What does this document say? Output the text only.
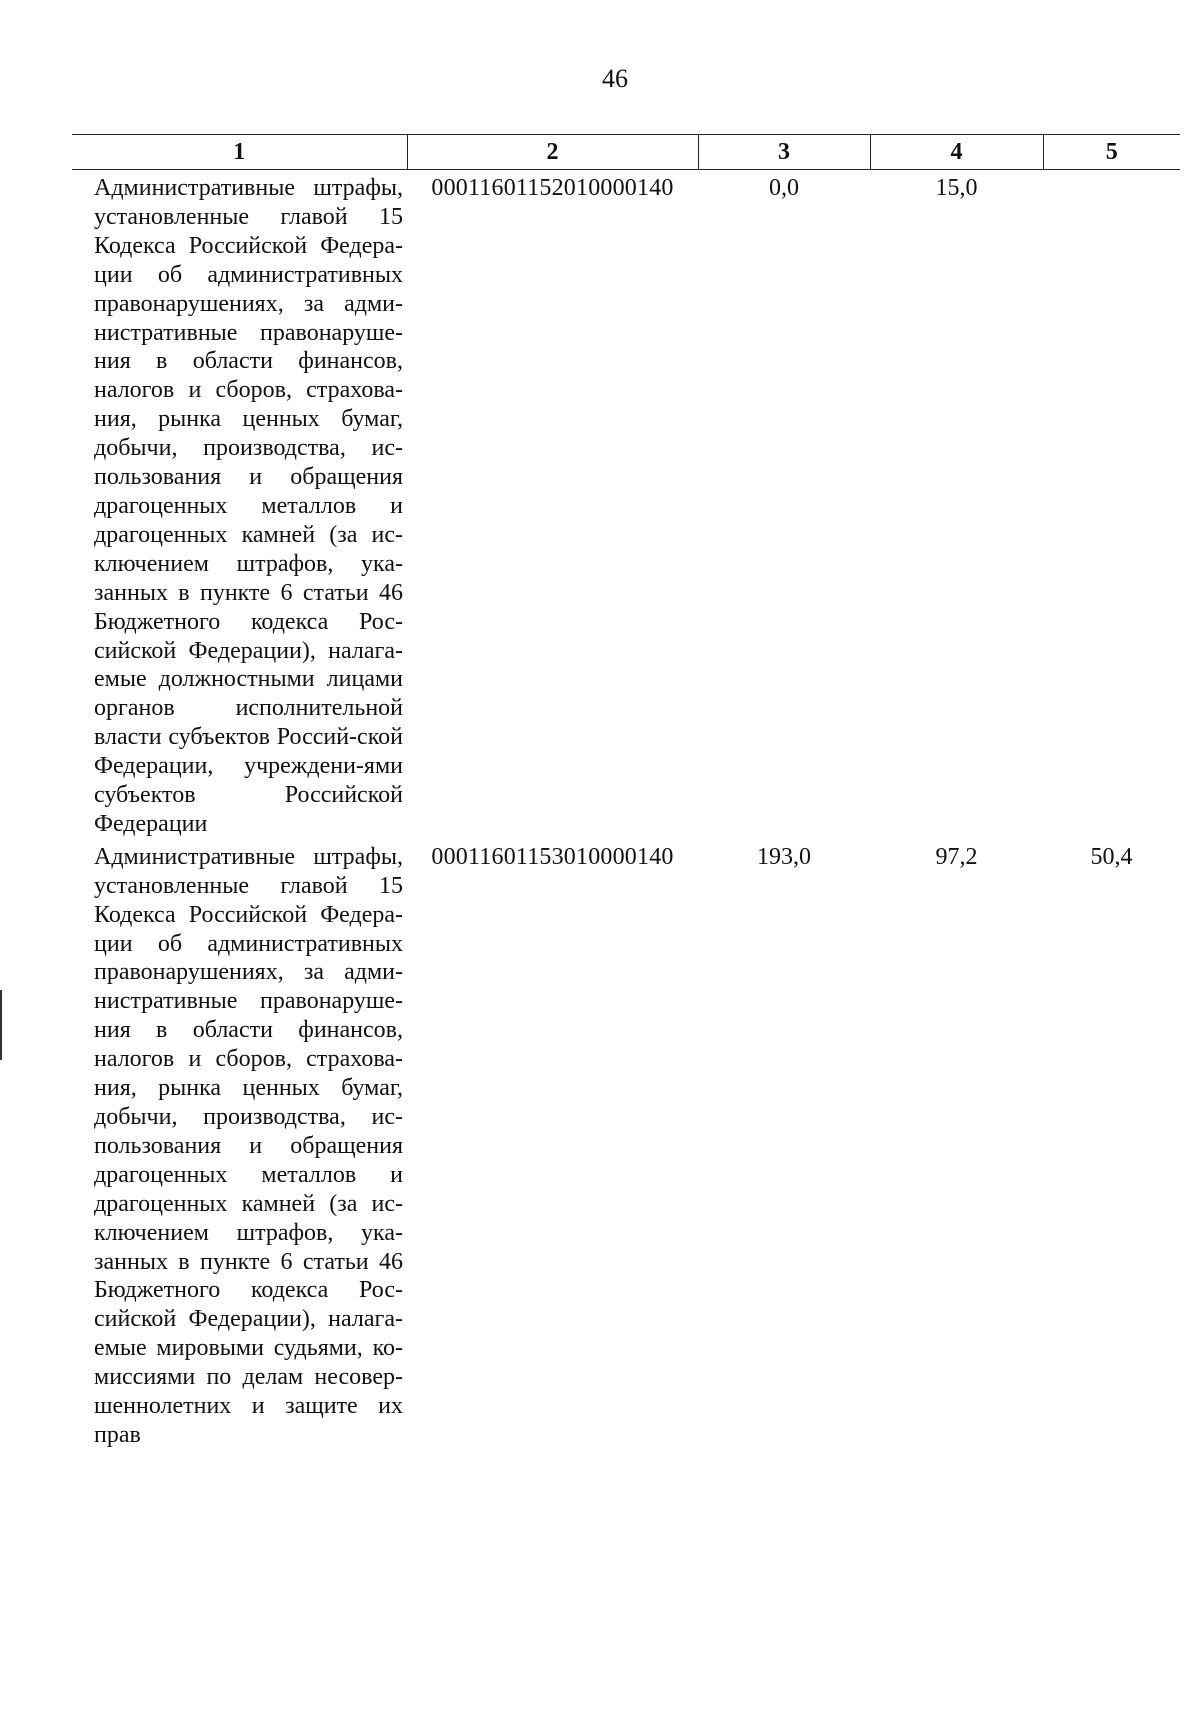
46
1	2	3	4	5
Административные штрафы, установленные главой 15 Кодекса Российской Федера-ции об административных правонарушениях, за адми-нистративные правонаруше-ния в области финансов, налогов и сборов, страхова-ния, рынка ценных бумаг, добычи, производства, ис-пользования и обращения драгоценных металлов и драгоценных камней (за ис-ключением штрафов, ука-занных в пункте 6 статьи 46 Бюджетного кодекса Рос-сийской Федерации), налага-емые должностными лицами органов исполнительной власти субъектов Россий-ской Федерации, учреждени-ями субъектов Российской Федерации	00011601152010000140	0,0	15,0	
Административные штрафы, установленные главой 15 Кодекса Российской Федера-ции об административных правонарушениях, за адми-нистративные правонаруше-ния в области финансов, налогов и сборов, страхова-ния, рынка ценных бумаг, добычи, производства, ис-пользования и обращения драгоценных металлов и драгоценных камней (за ис-ключением штрафов, ука-занных в пункте 6 статьи 46 Бюджетного кодекса Рос-сийской Федерации), налага-емые мировыми судьями, ко-миссиями по делам несовер-шеннолетних и защите их прав	00011601153010000140	193,0	97,2	50,4
